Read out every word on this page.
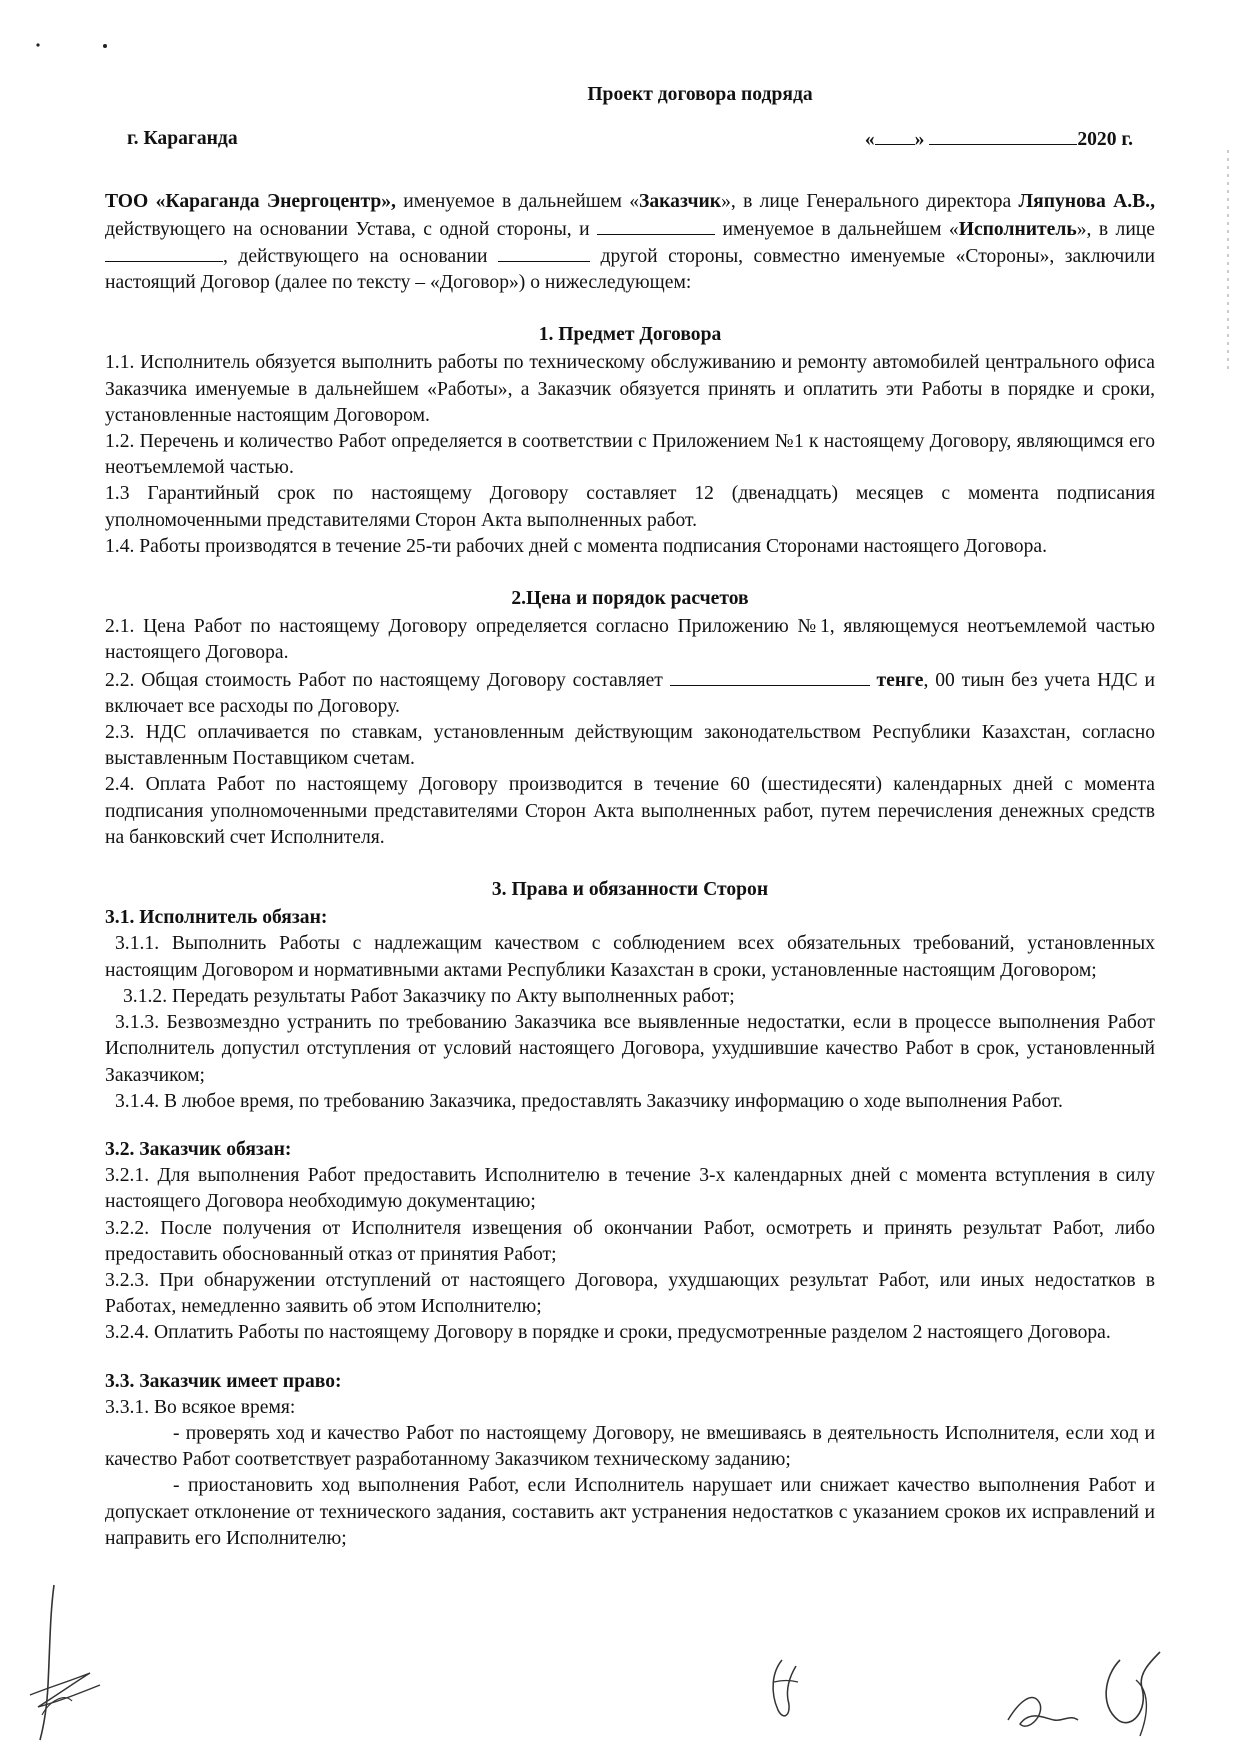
Проект договора подряда
г. Караганда	« »	2020 г.

ТОО «Караганда Энергоцентр», именуемое в дальнейшем «Заказчик», в лице Генерального директора Ляпунова А.В., действующего на основании Устава, с одной стороны, и	именуемое в дальнейшем «Исполнитель», в лице , действующего на основании	другой стороны, совместно именуемые «Стороны», заключили настоящий Договор (далее по тексту – «Договор») о нижеследующем:

1. Предмет Договора

1.1. Исполнитель обязуется выполнить работы по техническому обслуживанию и ремонту автомобилей центрального офиса Заказчика именуемые в дальнейшем «Работы», а Заказчик обязуется принять и оплатить эти Работы в порядке и сроки, установленные настоящим Договором.

1.2. Перечень и количество Работ определяется в соответствии с Приложением №1 к настоящему Договору, являющимся его неотъемлемой частью.

1.3 Гарантийный срок по настоящему Договору составляет 12 (двенадцать) месяцев с момента подписания уполномоченными представителями Сторон Акта выполненных работ.

1.4. Работы производятся в течение 25-ти рабочих дней с момента подписания Сторонами настоящего Договора.

2.Цена и порядок расчетов

2.1. Цена Работ по настоящему Договору определяется согласно Приложению №1, являющемуся неотъемлемой частью настоящего Договора.

2.2. Общая стоимость Работ по настоящему Договору составляет	тенге, 00 тиын без учета НДС и включает все расходы по Договору.

2.3. НДС оплачивается по ставкам, установленным действующим законодательством Республики Казахстан, согласно выставленным Поставщиком счетам.

2.4. Оплата Работ по настоящему Договору производится в течение 60 (шестидесяти) календарных дней с момента подписания уполномоченными представителями Сторон Акта выполненных работ, путем перечисления денежных средств на банковский счет Исполнителя.

3. Права и обязанности Сторон

3.1. Исполнитель обязан:

3.1.1. Выполнить Работы с надлежащим качеством с соблюдением всех обязательных требований, установленных настоящим Договором и нормативными актами Республики Казахстан в сроки, установленные настоящим Договором;

3.1.2. Передать результаты Работ Заказчику по Акту выполненных работ;

3.1.3. Безвозмездно устранить по требованию Заказчика все выявленные недостатки, если в процессе выполнения Работ Исполнитель допустил отступления от условий настоящего Договора, ухудшившие качество Работ в срок, установленный Заказчиком;

3.1.4. В любое время, по требованию Заказчика, предоставлять Заказчику информацию о ходе выполнения Работ.

3.2. Заказчик обязан:

3.2.1. Для выполнения Работ предоставить Исполнителю в течение 3-х календарных дней с момента вступления в силу настоящего Договора необходимую документацию;

3.2.2. После получения от Исполнителя извещения об окончании Работ, осмотреть и принять результат Работ, либо предоставить обоснованный отказ от принятия Работ;

3.2.3. При обнаружении отступлений от настоящего Договора, ухудшающих результат Работ, или иных недостатков в Работах, немедленно заявить об этом Исполнителю;

3.2.4. Оплатить Работы по настоящему Договору в порядке и сроки, предусмотренные разделом 2 настоящего Договора.

3.3. Заказчик имеет право:

3.3.1. Во всякое время:

- проверять ход и качество Работ по настоящему Договору, не вмешиваясь в деятельность Исполнителя, если ход и качество Работ соответствует разработанному Заказчиком техническому заданию;

- приостановить ход выполнения Работ, если Исполнитель нарушает или снижает качество выполнения Работ и допускает отклонение от технического задания, составить акт устранения недостатков с указанием сроков их исправлений и направить его Исполнителю;
